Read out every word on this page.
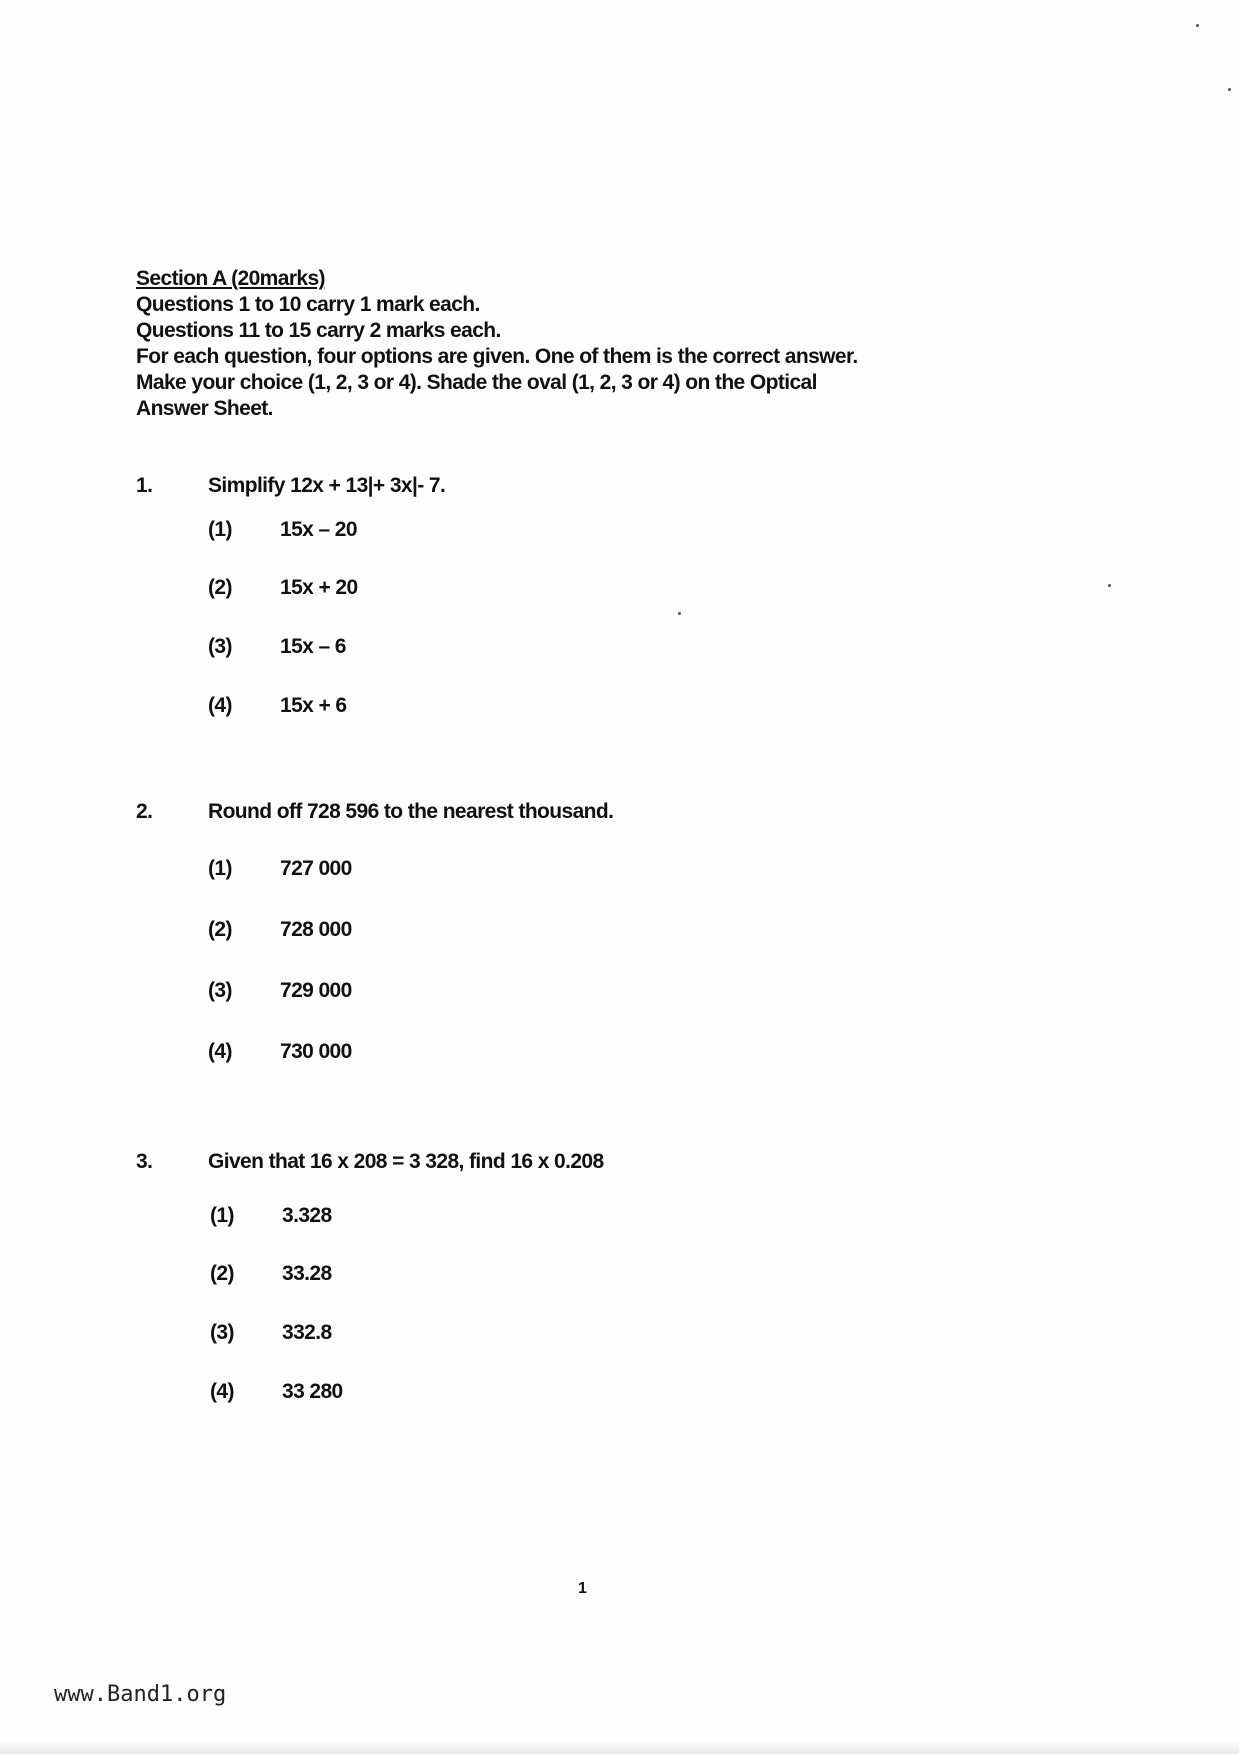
Section A (20marks)
Questions 1 to 10 carry 1 mark each.
Questions 11 to 15 carry 2 marks each.
For each question, four options are given. One of them is the correct answer.
Make your choice (1, 2, 3 or 4). Shade the oval (1, 2, 3 or 4) on the Optical
Answer Sheet.
1.	Simplify 12x + 13|+ 3x|- 7.
(1) 15x – 20
(2) 15x + 20
(3) 15x – 6
(4) 15x + 6
2.	Round off 728 596 to the nearest thousand.
(1) 727 000
(2) 728 000
(3) 729 000
(4) 730 000
3.	Given that 16 x 208 = 3 328, find 16 x 0.208
(1) 3.328
(2) 33.28
(3) 332.8
(4) 33 280
1
www.Band1.org
